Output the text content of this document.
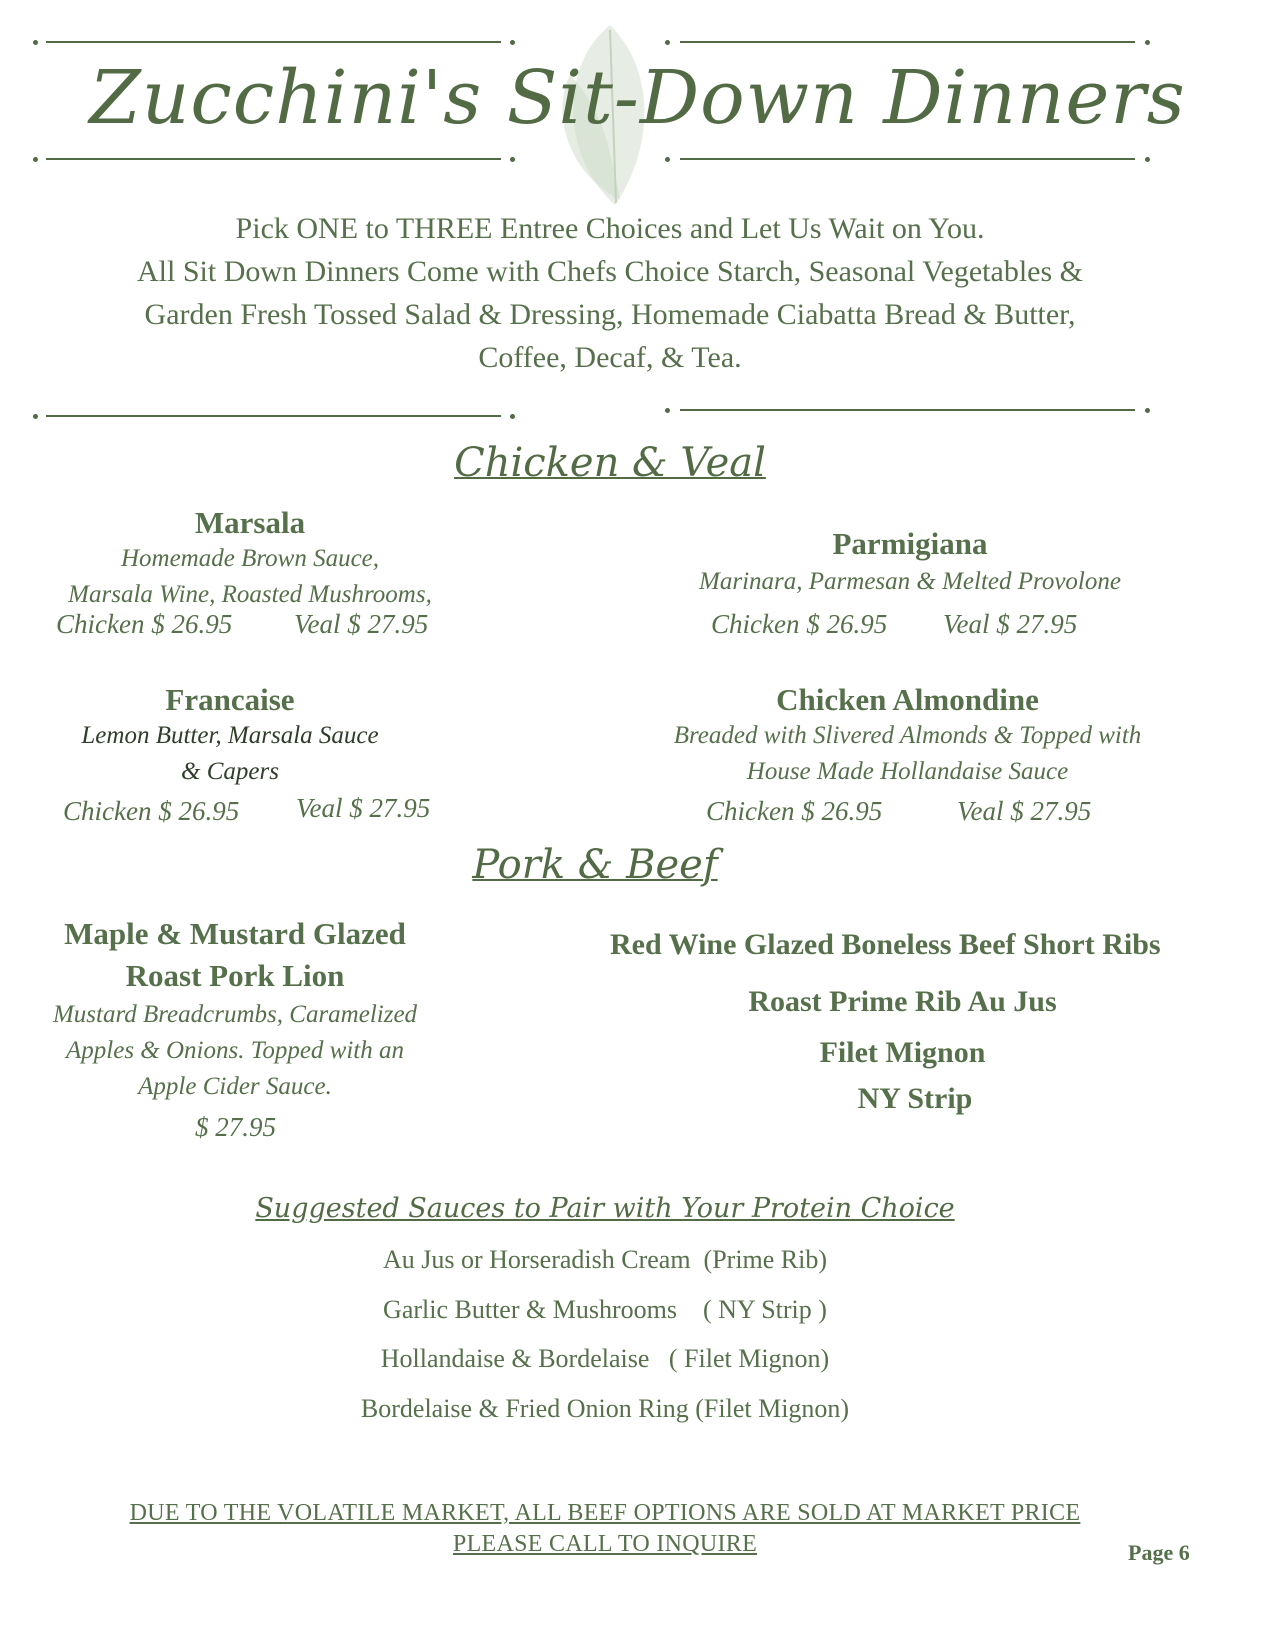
Zucchini's Sit-Down Dinners
Pick ONE to THREE Entree Choices and Let Us Wait on You.
All Sit Down Dinners Come with Chefs Choice Starch, Seasonal Vegetables &
Garden Fresh Tossed Salad & Dressing, Homemade Ciabatta Bread & Butter,
Coffee, Decaf, & Tea.
Chicken & Veal
Marsala
Homemade Brown Sauce,
Marsala Wine, Roasted Mushrooms,
Chicken $ 26.95 Veal $ 27.95
Parmigiana
Marinara, Parmesan & Melted Provolone
Chicken $ 26.95 Veal $ 27.95
Francaise
Lemon Butter, Marsala Sauce
& Capers
Chicken $ 26.95 Veal $ 27.95
Chicken Almondine
Breaded with Slivered Almonds & Topped with
House Made Hollandaise Sauce
Chicken $ 26.95	Veal $ 27.95
Pork & Beef
Maple & Mustard Glazed
Roast Pork Lion
Mustard Breadcrumbs, Caramelized
Apples & Onions. Topped with an
Apple Cider Sauce.
$ 27.95
Red Wine Glazed Boneless Beef Short Ribs
Roast Prime Rib Au Jus
Filet Mignon
NY Strip
Suggested Sauces to Pair with Your Protein Choice
Au Jus or Horseradish Cream  (Prime Rib)
Garlic Butter & Mushrooms    ( NY Strip )
Hollandaise & Bordelaise   ( Filet Mignon)
Bordelaise & Fried Onion Ring (Filet Mignon)
DUE TO THE VOLATILE MARKET, ALL BEEF OPTIONS ARE SOLD AT MARKET PRICE
PLEASE CALL TO INQUIRE	Page 6
